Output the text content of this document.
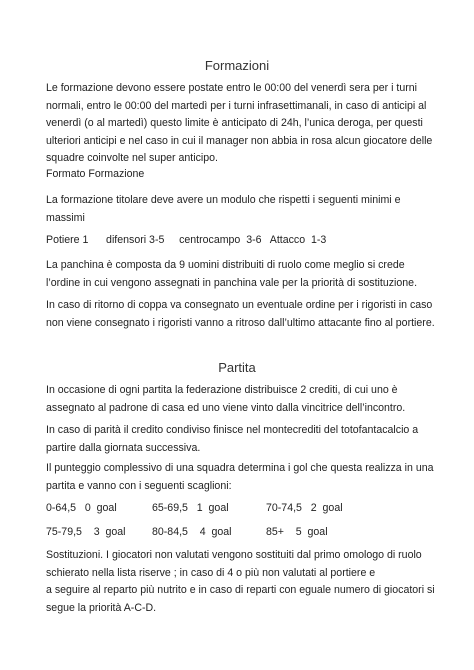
Formazioni
Le formazione devono essere postate entro le 00:00 del venerdì sera per i turni
normali, entro le 00:00 del martedì per i turni infrasettimanali, in caso di anticipi al
venerdì (o al martedì) questo limite è anticipato di 24h, l’unica deroga, per questi
ulteriori anticipi e nel caso in cui il manager non abbia in rosa alcun giocatore delle
squadre coinvolte nel super anticipo.
Formato Formazione
La formazione titolare deve avere un modulo che rispetti i seguenti minimi e
massimi
Potiere 1      difensori 3-5     centrocampo  3-6   Attacco  1-3
La panchina è composta da 9 uomini distribuiti di ruolo come meglio si crede
l’ordine in cui vengono assegnati in panchina vale per la priorità di sostituzione.
In caso di ritorno di coppa va consegnato un eventuale ordine per i rigoristi in caso
non viene consegnato i rigoristi vanno a ritroso dall’ultimo attacante fino al portiere.
Partita
In occasione di ogni partita la federazione distribuisce 2 crediti, di cui uno è
assegnato al padrone di casa ed uno viene vinto dalla vincitrice dell’incontro.
In caso di parità il credito condiviso finisce nel montecrediti del totofantacalcio a
partire dalla giornata successiva.
Il punteggio complessivo di una squadra determina i gol che questa realizza in una
partita e vanno con i seguenti scaglioni:
0-64,5   0  goal	65-69,5   1  goal	70-74,5   2  goal
75-79,5    3  goal 80-84,5    4  goal	85+    5  goal
Sostituzioni. I giocatori non valutati vengono sostituiti dal primo omologo di ruolo
schierato nella lista riserve ; in caso di 4 o più non valutati al portiere e
a seguire al reparto più nutrito e in caso di reparti con eguale numero di giocatori si
segue la priorità A-C-D.
